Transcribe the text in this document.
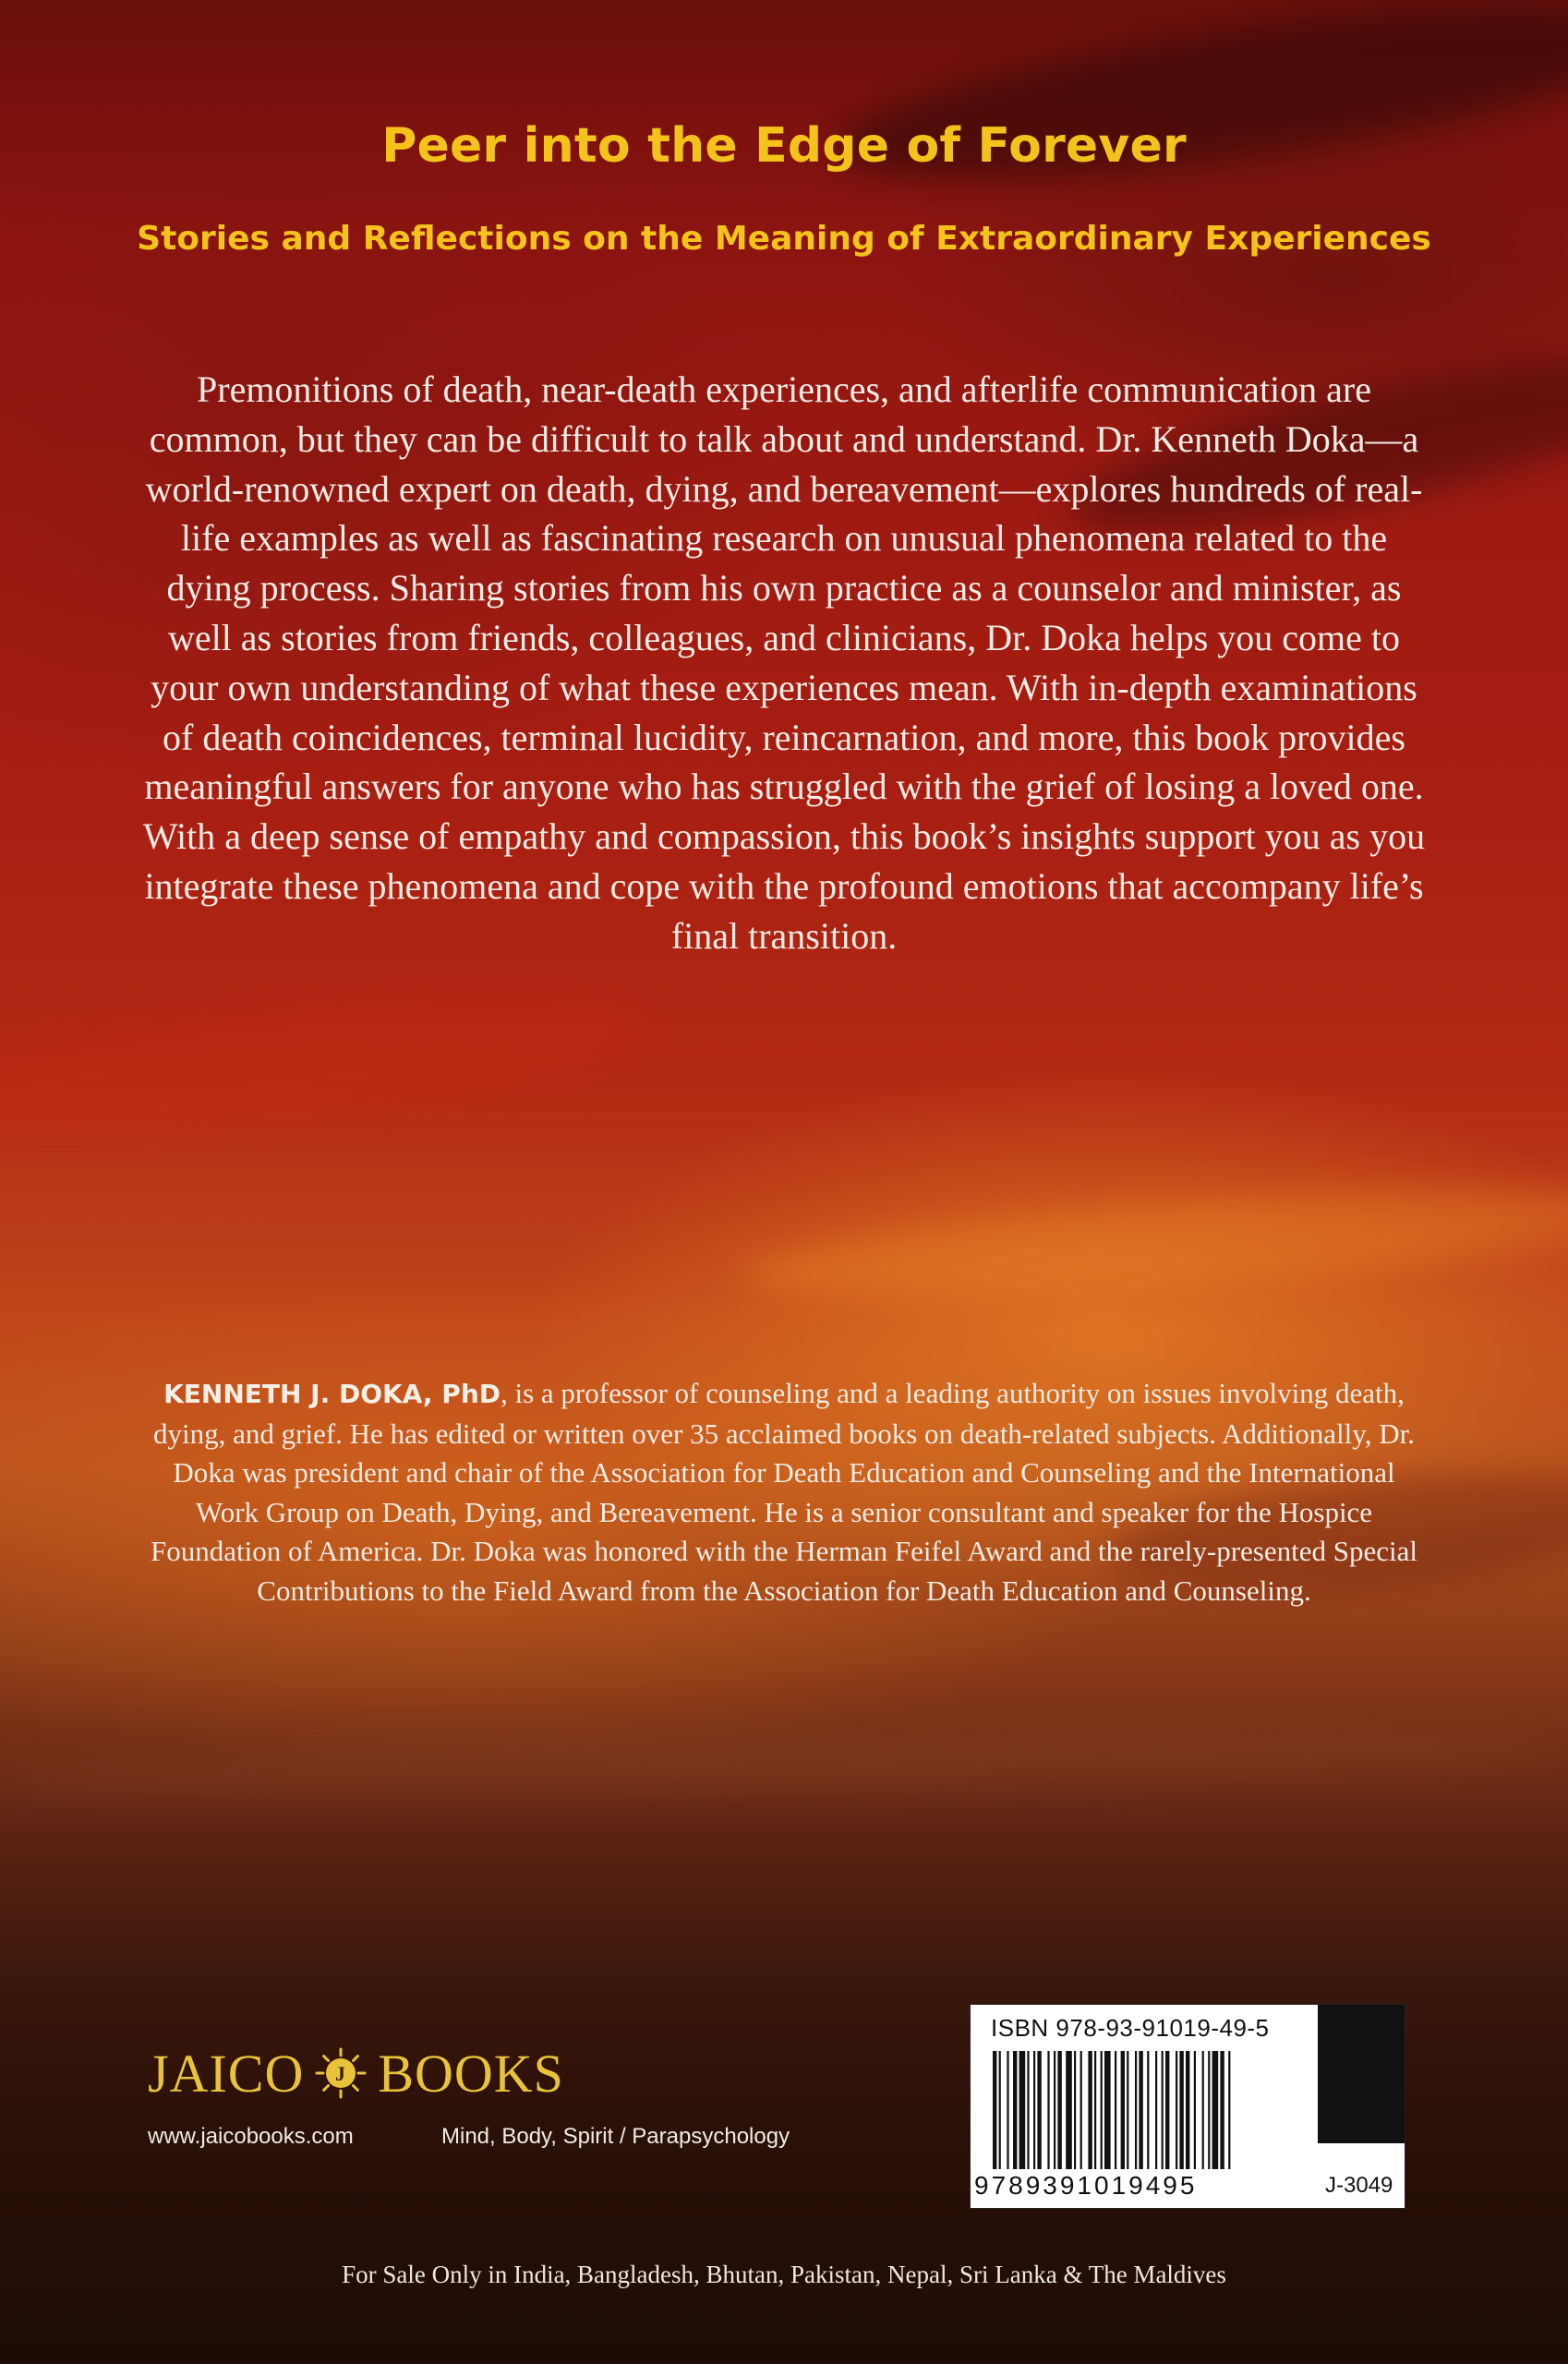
Peer into the Edge of Forever
Stories and Reflections on the Meaning of Extraordinary Experiences

Premonitions of death, near-death experiences, and afterlife communication are common, but they can be difficult to talk about and understand. Dr. Kenneth Doka—a world-renowned expert on death, dying, and bereavement—explores hundreds of real-life examples as well as fascinating research on unusual phenomena related to the dying process. Sharing stories from his own practice as a counselor and minister, as well as stories from friends, colleagues, and clinicians, Dr. Doka helps you come to your own understanding of what these experiences mean. With in-depth examinations of death coincidences, terminal lucidity, reincarnation, and more, this book provides meaningful answers for anyone who has struggled with the grief of losing a loved one. With a deep sense of empathy and compassion, this book’s insights support you as you integrate these phenomena and cope with the profound emotions that accompany life’s final transition.

KENNETH J. DOKA, PhD, is a professor of counseling and a leading authority on issues involving death, dying, and grief. He has edited or written over 35 acclaimed books on death-related subjects. Additionally, Dr. Doka was president and chair of the Association for Death Education and Counseling and the International Work Group on Death, Dying, and Bereavement. He is a senior consultant and speaker for the Hospice Foundation of America. Dr. Doka was honored with the Herman Feifel Award and the rarely-presented Special Contributions to the Field Award from the Association for Death Education and Counseling.

JAICO J BOOKS
www.jaicobooks.com	Mind, Body, Spirit / Parapsychology
ISBN 978-93-91019-49-5
9789391019495	J-3049
For Sale Only in India, Bangladesh, Bhutan, Pakistan, Nepal, Sri Lanka & The Maldives
